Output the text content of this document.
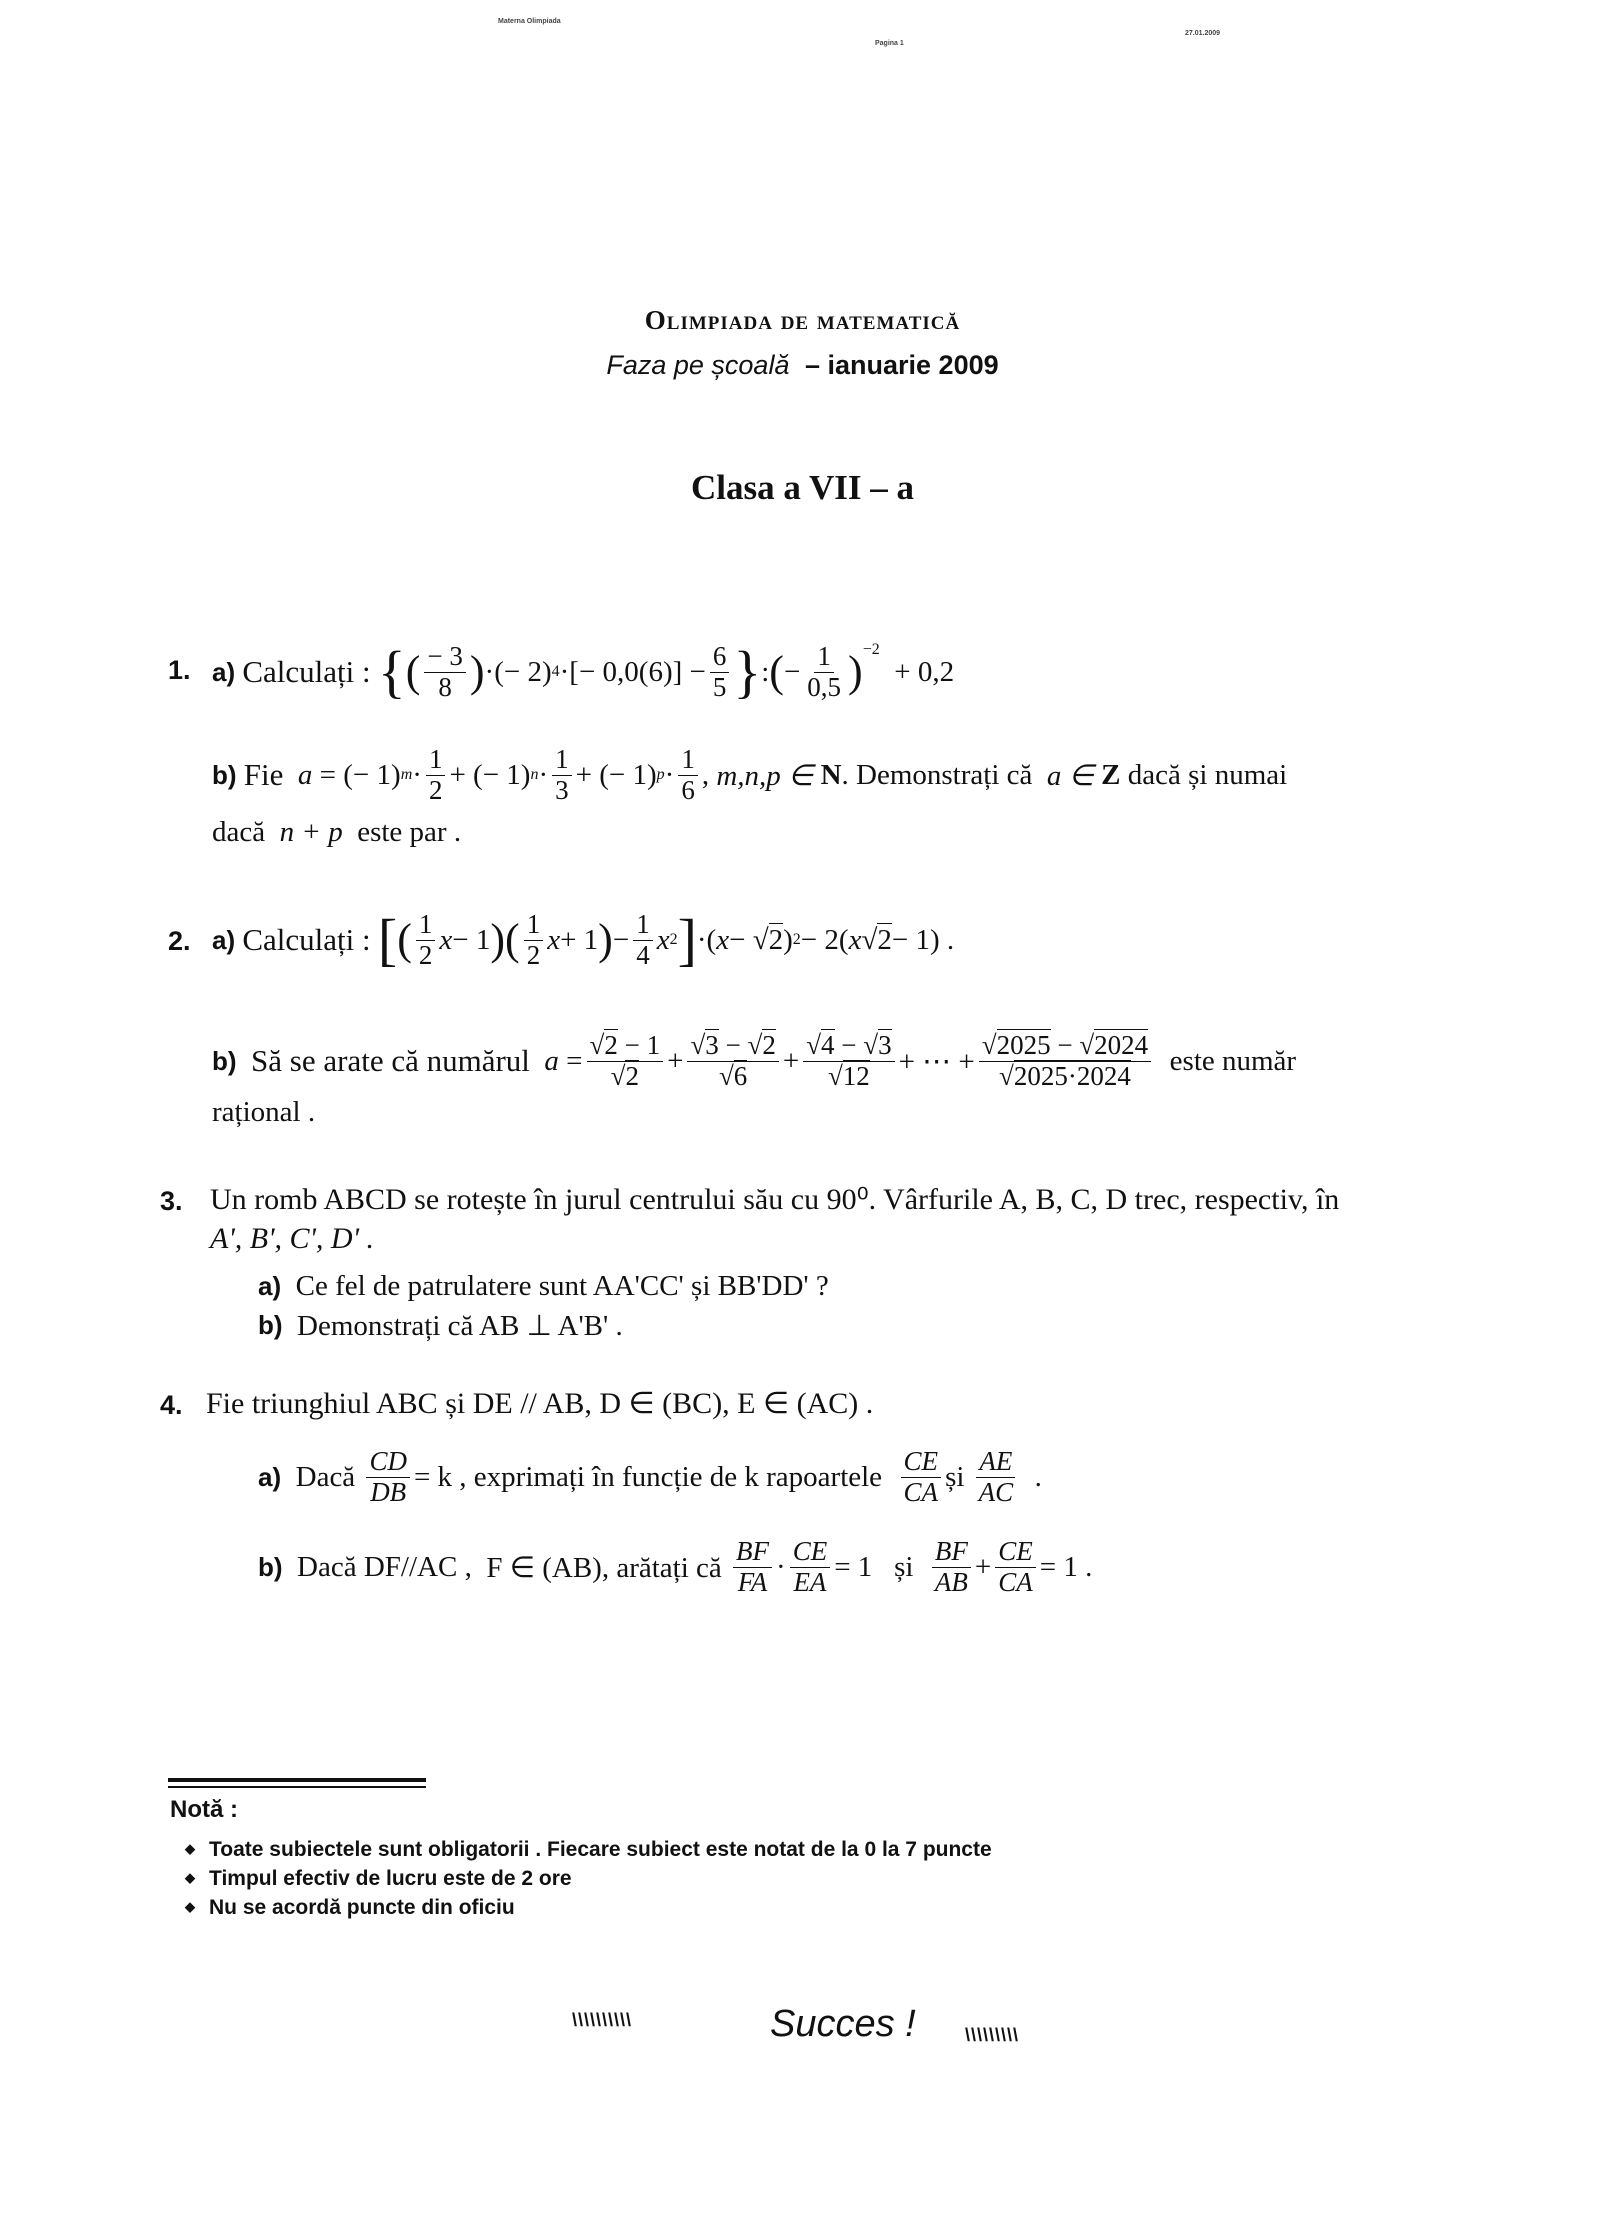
Materna Olimpiada
Pagina 1
27.01.2009
Olimpiada de matematică
Faza pe școală – ianuarie 2009
Clasa a VII – a
1. a)
Calculați :
{ ( $\frac{- 3}{8}$ ) ·(− 2) 4 ·[− $0,0(6)] - \frac{6}{5}$ } : ( − $\frac{1}{0,5} )^{-2}$
+ 0,2
b)
Fie
a = (− 1) $m \cdot \frac{1}{2}$ + (− 1) $n \cdot \frac{1}{3}$ + (− 1) $p \cdot \frac{1}{6}$ , m,n,p ∈
N . Demonstrați că
a ∈
Z
dacă și numai
dacă n + p este par .
2. a)
Calculați :
[ ( $\frac{1}{2}$ x − 1 )( $\frac{1}{2}$ x + 1 ) − $\frac{1}{4}$ x 2 ] ·( x − √ 2 ) 2 − 2( x √ 2 − 1) .
b)
Să se arate că numărul
$a = \frac{√2 - 1}{√2} + \frac{√3 - √2}{√6} + \frac{√4 - √3}{√12}$ + ⋯ + $\frac{√2025 - √2024}{√2025\cdot 2024}$
este număr
rațional .
3. Un romb ABCD se rotește în jurul centrului său cu 90⁰. Vârfurile A, B, C, D trec, respectiv, în
A', B', C', D' .
a)
Ce fel de patrulatere sunt AA'CC' și BB'DD' ?
b)
Demonstrați că AB ⊥ A'B' .
4. Fie triunghiul ABC și DE // AB, D ∈ (BC), E ∈ (AC) .
a)
Dacă
$\frac{CD}{DB} = k$ , exprimați în funcție de k rapoartele
$\frac{CE}{CA}$ și
$\frac{AE}{AC}$ .
b)
Dacă DF//AC ,
F ∈ (AB), arătați că
$\frac{BF}{FA} \cdot \frac{CE}{EA} = 1$
și
$\frac{BF}{AB} + \frac{CE}{CA} = 1$ .
Notă :
◆ Toate subiectele sunt obligatorii . Fiecare subiect este notat de la 0 la 7 puncte
◆ Timpul efectiv de lucru este de 2 ore
◆ Nu se acordă puncte din oficiu
\\\\\\\\\\	Succes !	\\\\\\\\\
